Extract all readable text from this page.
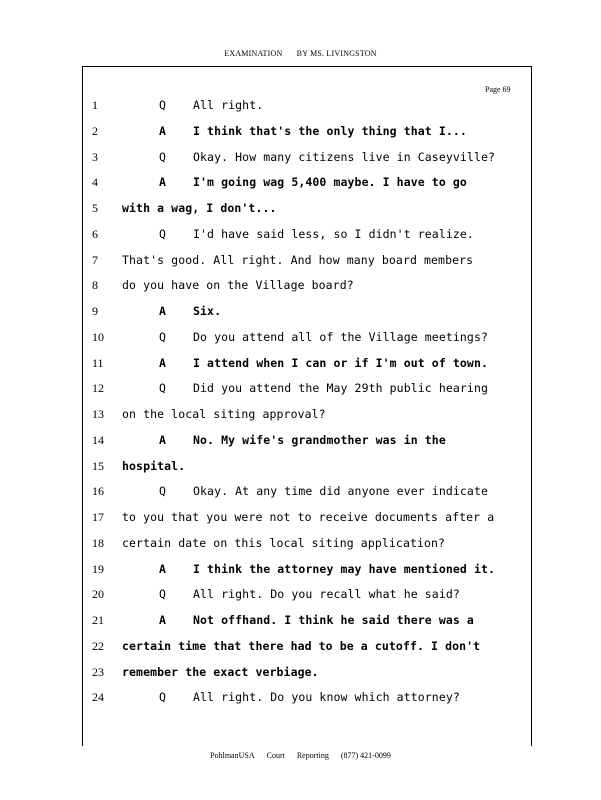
EXAMINATION BY MS. LIVINGSTON
Page 69
1	Q All right.
2	A I think that's the only thing that I...
3	Q Okay. How many citizens live in Caseyville?
4	A I'm going wag 5,400 maybe. I have to go
5	with a wag, I don't...
6	Q I'd have said less, so I didn't realize.
7	That's good. All right. And how many board members
8	do you have on the Village board?
9	A Six.
10	Q Do you attend all of the Village meetings?
11	A I attend when I can or if I'm out of town.
12	Q Did you attend the May 29th public hearing
13	on the local siting approval?
14	A No. My wife's grandmother was in the
15	hospital.
16	Q Okay. At any time did anyone ever indicate
17	to you that you were not to receive documents after a
18	certain date on this local siting application?
19	A I think the attorney may have mentioned it.
20	Q All right. Do you recall what he said?
21	A Not offhand. I think he said there was a
22	certain time that there had to be a cutoff. I don't
23	remember the exact verbiage.
24	Q All right. Do you know which attorney?
PohlmanUSA Court Reporting (877) 421-0099
